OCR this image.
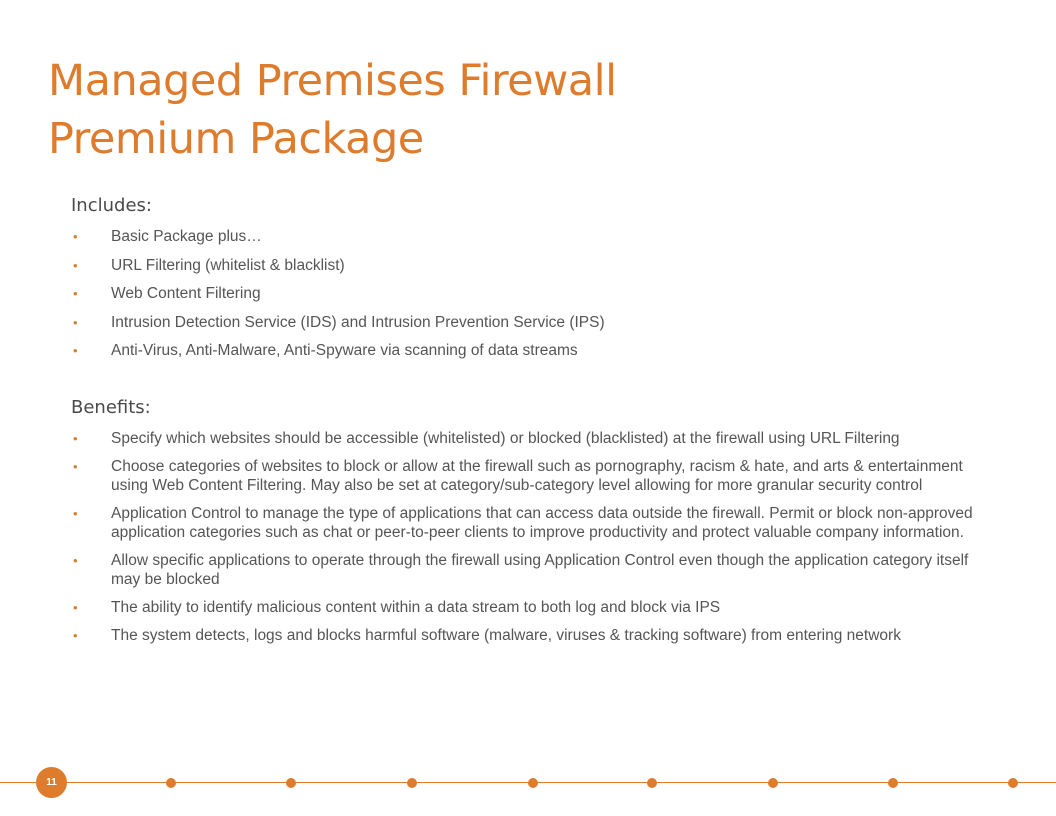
Managed Premises Firewall
Premium Package
Includes:
• Basic Package plus…
• URL Filtering (whitelist & blacklist)
• Web Content Filtering
• Intrusion Detection Service (IDS) and Intrusion Prevention Service (IPS)
• Anti-Virus, Anti-Malware, Anti-Spyware via scanning of data streams
Benefits:
• Specify which websites should be accessible (whitelisted) or blocked (blacklisted) at the firewall using URL Filtering
• Choose categories of websites to block or allow at the firewall such as pornography, racism & hate, and arts & entertainment using Web Content Filtering. May also be set at category/sub-category level allowing for more granular security control
• Application Control to manage the type of applications that can access data outside the firewall. Permit or block non-approved application categories such as chat or peer-to-peer clients to improve productivity and protect valuable company information.
• Allow specific applications to operate through the firewall using Application Control even though the application category itself may be blocked
• The ability to identify malicious content within a data stream to both log and block via IPS
• The system detects, logs and blocks harmful software (malware, viruses & tracking software) from entering network
11
